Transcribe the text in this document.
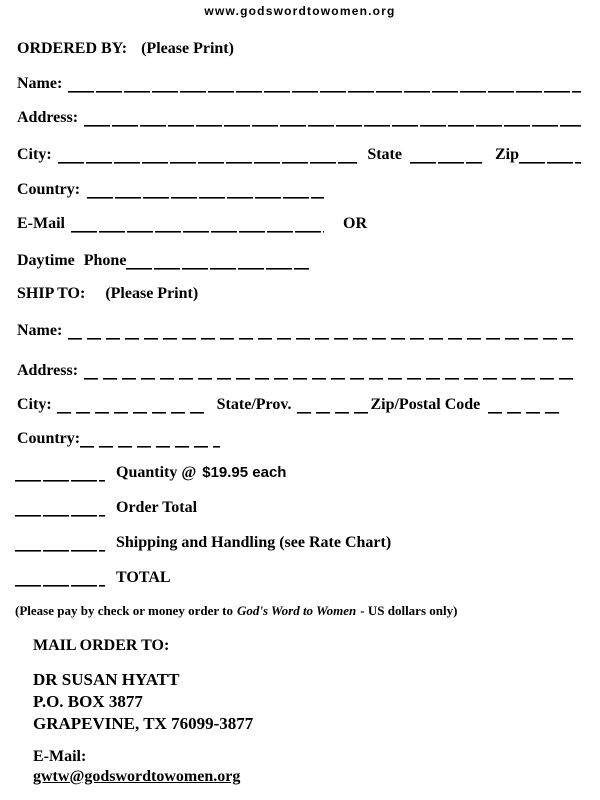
www.godswordtowomen.org
ORDERED BY: (Please Print)
Name:
Address:
City:	State	Zip
Country:
E-Mail	OR
Daytime Phone
SHIP TO: (Please Print)
Name:
Address:
City:	State/Prov.	Zip/Postal Code
Country:
Quantity @ $19.95 each
Order Total
Shipping and Handling (see Rate Chart)
TOTAL
(Please pay by check or money order to God's Word to Women - US dollars only)
MAIL ORDER TO:
DR SUSAN HYATT
P.O. BOX 3877
GRAPEVINE, TX 76099-3877
E-Mail:
gwtw@godswordtowomen.org
